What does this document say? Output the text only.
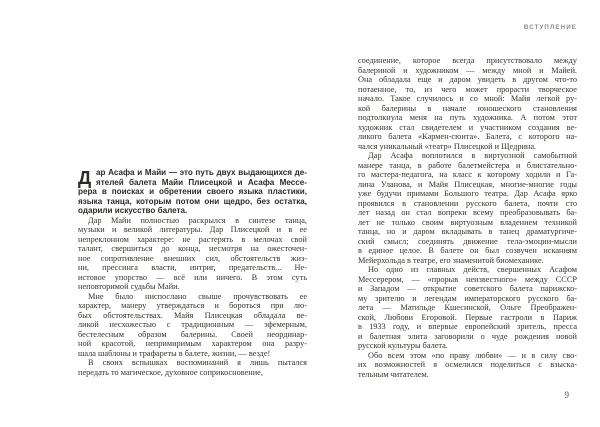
Д ар Асафа и Майи — это путь двух выдающихся де-
ятелей балета Майи Плисецкой и Асафа Мессе-
рера в поисках и обретении своего языка пластики,
языка танца, которым потом они щедро, без остатка,
одарили искусство балета.
Дар Майи полностью раскрылся в синтезе танца,
музыки и великой литературы. Дар Плисецкой и в ее
непреклонном характере: не растерять в мелочах свой
талант, свершиться до конца, несмотря на ожесточен-
ное сопротивление внешних сил, обстоятельств жиз-
ни, прессинга власти, интриг, предательств... Не-
истовое упорство — всё или ничего. В этом суть
неповторимой судьбы Майи.
Мне было ниспослано свыше прочувствовать ее
характер, манеру утверждаться и бороться при лю-
бых обстоятельствах. Майя Плисецкая обладала ве-
ликой несхожестью с традиционным — эфемерным,
бестелесным образом балерины. Своей неординар-
ной красотой, непримиримым характером она разру-
шала шаблоны и трафареты в балете, жизни, — везде!
В своих вспышках воспоминаний я лишь пытался
передать то магическое, духовное соприкосновение,
ВСТУПЛЕНИЕ
соединение, которое всегда присутствовало между
балериной и художником — между мной и Майей.
Она обладала еще и даром увидеть в другом что-то
потаенное, то, из чего может прорасти творческое
начало. Такое случилось и со мной: Майя легкой ру-
кой балерины в начале юношеского становления
подтолкнула меня на путь художника. А потом этот
художник стал свидетелем и участником создания ве-
ликого балета «Кармен-сюита». Балета, с которого на-
чался уникальный «театр» Плисецкой и Щедрина.
Дар Асафа воплотился в виртуозной самобытной
манере танца, в работе балетмейстера и блистательно-
го мастера-педагога, на класс к которому ходили и Га-
лина Уланова, и Майя Плисецкая, многие-многие годы
уже будучи примами Большого театра. Дар Асафа ярко
проявился в становлении русского балета, почти сто
лет назад он стал вопреки всему преобразовывать ба-
лет не только своим виртуозным владением техникой
танца, но и даром вкладывать в танец драматургиче-
ский смысл; соединять движение тела-эмоции-мысли
в единое целое. В балете он был созвучен исканиям
Мейерхольда в театре, его знаменитой биомеханике.
Но одно из главных действ, свершенных Асафом
Мессерером, — «прорыв неизвестного» между СССР
и Западом — открытие советского балета парижско-
му зрителю и легендам императорского русского ба-
лета — Матильде Кшесинской, Ольге Преображен-
ской, Любови Егоровой. Первые гастроли в Париж
в 1933 году, и впервые европейский зритель, пресса
и балетная элита заговорили о чуде рождения новой
русской культуры балета.
Обо всем этом «по праву любви» — и в силу сво-
их возможностей я осмелился поделиться с взыска-
тельным читателем.
9
